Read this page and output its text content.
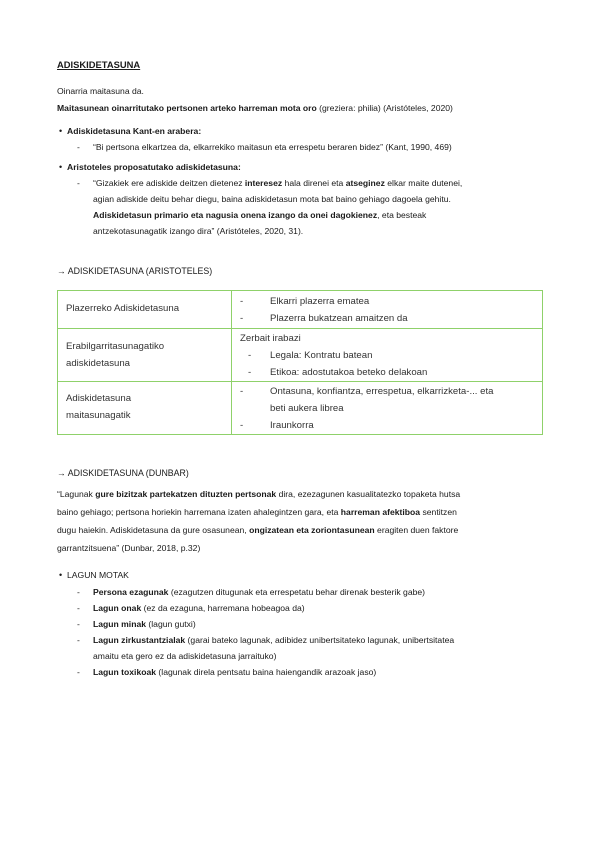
ADISKIDETASUNA
Oinarria maitasuna da.
Maitasunean oinarritutako pertsonen arteko harreman mota oro (greziera: philia) (Aristóteles, 2020)
• Adiskidetasuna Kant-en arabera:
- “Bi pertsona elkartzea da, elkarrekiko maitasun eta errespetu beraren bidez” (Kant, 1990, 469)
• Aristoteles proposatutako adiskidetasuna:
- “Gizakiek ere adiskide deitzen dietenez interesez hala direnei eta atseginez elkar maite dutenei,
agian adiskide deitu behar diegu, baina adiskidetasun mota bat baino gehiago dagoela gehitu.
Adiskidetasun primario eta nagusia onena izango da onei dagokienez, eta besteak
antzekotasunagatik izango dira” (Aristóteles, 2020, 31).
→ ADISKIDETASUNA (ARISTOTELES)
Plazerreko Adiskidetasuna	- Elkarri plazerra ematea
- Plazerra bukatzean amaitzen da

Erabilgarritasunagatiko
adiskidetasuna	Zerbait irabazi
- Legala: Kontratu batean
- Etikoa: adostutakoa beteko delakoan

Adiskidetasuna
maitasunagatik	- Ontasuna, konfiantza, errespetua, elkarrizketa-... eta
beti aukera librea
- Iraunkorra
→ ADISKIDETASUNA (DUNBAR)
“Lagunak gure bizitzak partekatzen dituzten pertsonak dira, ezezagunen kasualitatezko topaketa hutsa
baino gehiago; pertsona horiekin harremana izaten ahalegintzen gara, eta harreman afektiboa sentitzen
dugu haiekin. Adiskidetasuna da gure osasunean, ongizatean eta zoriontasunean eragiten duen faktore
garrantzitsuena” (Dunbar, 2018, p.32)
• LAGUN MOTAK
- Persona ezagunak (ezagutzen ditugunak eta errespetatu behar direnak besterik gabe)
- Lagun onak (ez da ezaguna, harremana hobeagoa da)
- Lagun minak (lagun gutxi)
- Lagun zirkustantzialak (garai bateko lagunak, adibidez unibertsitateko lagunak, unibertsitatea
amaitu eta gero ez da adiskidetasuna jarraituko)
- Lagun toxikoak (lagunak direla pentsatu baina haiengandik arazoak jaso)
